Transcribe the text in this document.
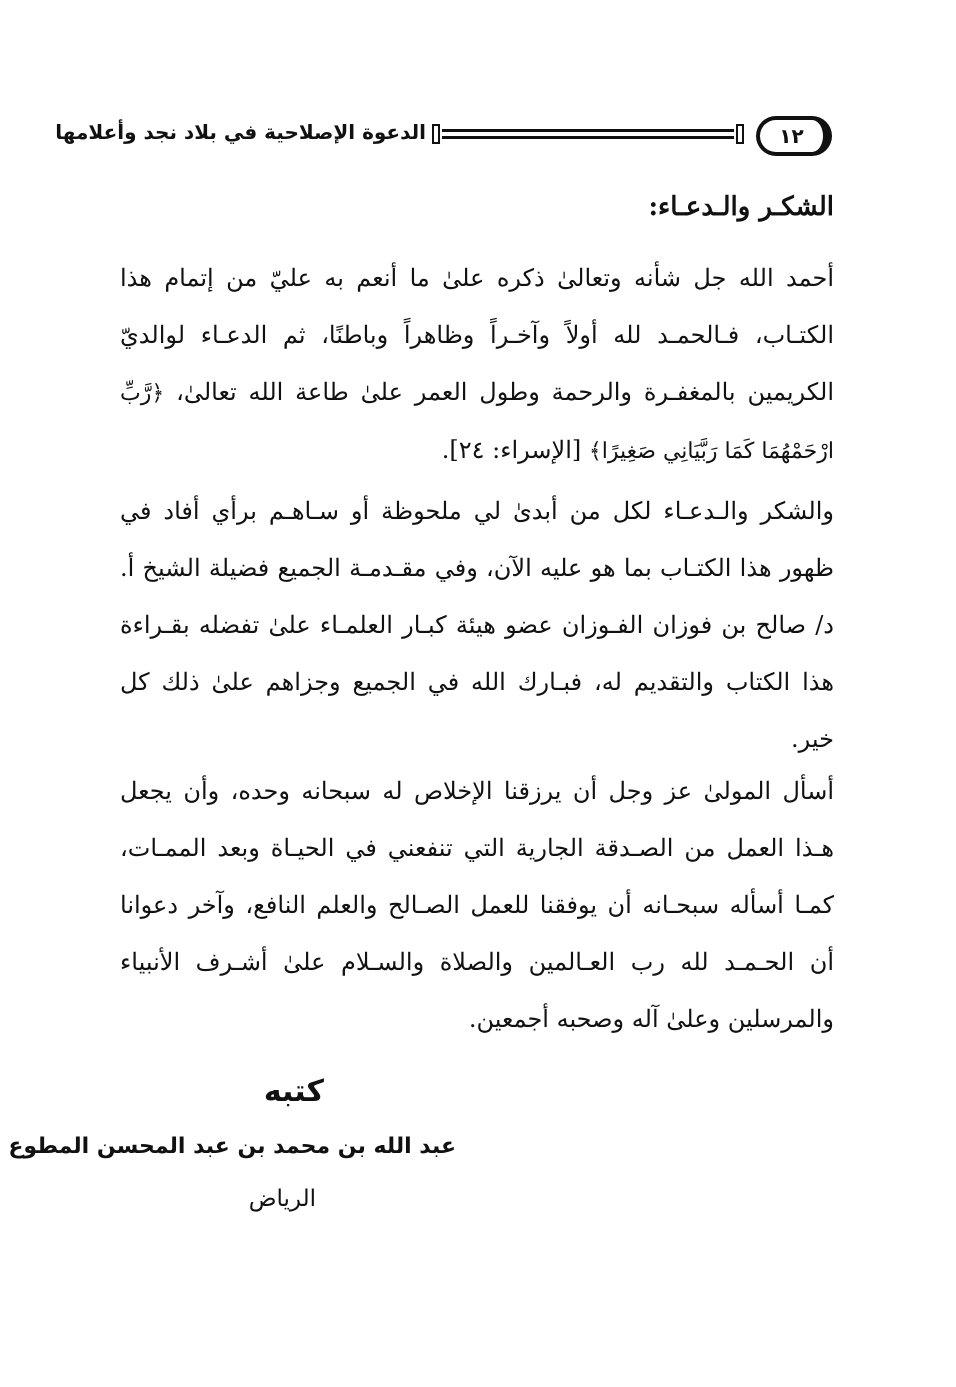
١٢
الدعوة الإصلاحية في بلاد نجد وأعلامها
الشكـر والـدعـاء:
أحمد الله جل شأنه وتعالىٰ ذكره علىٰ ما أنعم به عليّ من إتمام هذا الكتـاب، فـالحمـد لله أولاً وآخـراً وظاهراً وباطنًا، ثم الدعـاء لوالديّ الكريمين بالمغفـرة والرحمة وطول العمر علىٰ طاعة الله تعالىٰ، ﴿رَّبِّ ارْحَمْهُمَا كَمَا رَبَّيَانِي صَغِيرًا﴾ [الإسراء: ٢٤].
والشكر والـدعـاء لكل من أبدىٰ لي ملحوظة أو سـاهـم برأي أفاد في ظهور هذا الكتـاب بما هو عليه الآن، وفي مقـدمـة الجميع فضيلة الشيخ أ. د/ صالح بن فوزان الفـوزان عضو هيئة كبـار العلمـاء علىٰ تفضله بقـراءة هذا الكتاب والتقديم له، فبـارك الله في الجميع وجزاهم علىٰ ذلك كل خير.
أسأل المولىٰ عز وجل أن يرزقنا الإخلاص له سبحانه وحده، وأن يجعل هـذا العمل من الصـدقة الجارية التي تنفعني في الحيـاة وبعد الممـات، كمـا أسأله سبحـانه أن يوفقنا للعمل الصـالح والعلم النافع، وآخر دعوانا أن الحـمـد لله رب العـالمين والصلاة والسـلام علىٰ أشـرف الأنبياء والمرسلين وعلىٰ آله وصحبه أجمعين.
كتبه
عبد الله بن محمد بن عبد المحسن المطوع
الرياض
